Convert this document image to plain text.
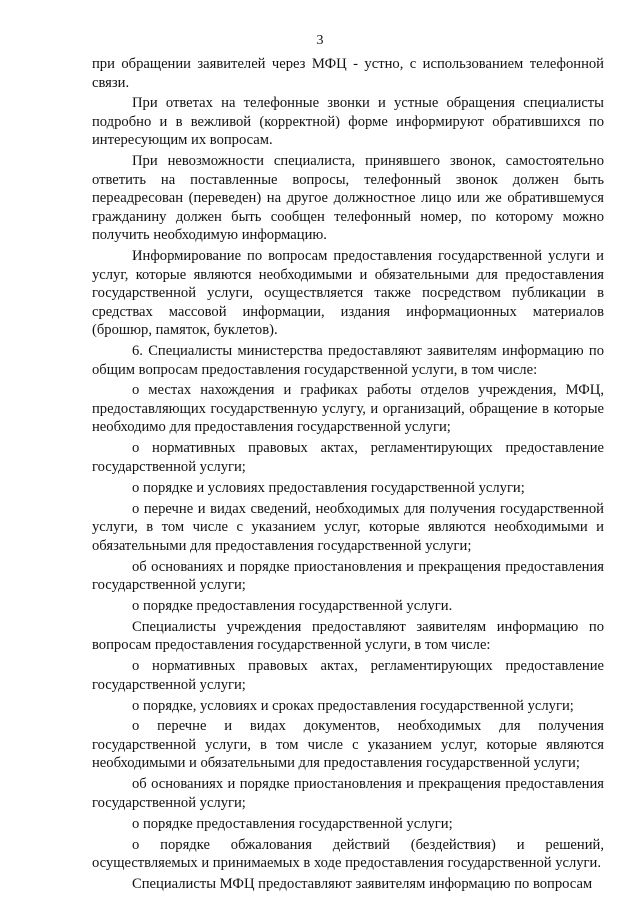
3

при обращении заявителей через МФЦ - устно, с использованием телефонной связи.

При ответах на телефонные звонки и устные обращения специалисты подробно и в вежливой (корректной) форме информируют обратившихся по интересующим их вопросам.

При невозможности специалиста, принявшего звонок, самостоятельно ответить на поставленные вопросы, телефонный звонок должен быть переадресован (переведен) на другое должностное лицо или же обратившемуся гражданину должен быть сообщен телефонный номер, по которому можно получить необходимую информацию.

Информирование по вопросам предоставления государственной услуги и услуг, которые являются необходимыми и обязательными для предоставления государственной услуги, осуществляется также посредством публикации в средствах массовой информации, издания информационных материалов (брошюр, памяток, буклетов).

6. Специалисты министерства предоставляют заявителям информацию по общим вопросам предоставления государственной услуги, в том числе:

о местах нахождения и графиках работы отделов учреждения, МФЦ, предоставляющих государственную услугу, и организаций, обращение в которые необходимо для предоставления государственной услуги;

о нормативных правовых актах, регламентирующих предоставление государственной услуги;

о порядке и условиях предоставления государственной услуги;

о перечне и видах сведений, необходимых для получения государственной услуги, в том числе с указанием услуг, которые являются необходимыми и обязательными для предоставления государственной услуги;

об основаниях и порядке приостановления и прекращения предоставления государственной услуги;

о порядке предоставления государственной услуги.

Специалисты учреждения предоставляют заявителям информацию по вопросам предоставления государственной услуги, в том числе:

о нормативных правовых актах, регламентирующих предоставление государственной услуги;

о порядке, условиях и сроках предоставления государственной услуги;

о перечне и видах документов, необходимых для получения государственной услуги, в том числе с указанием услуг, которые являются необходимыми и обязательными для предоставления государственной услуги;

об основаниях и порядке приостановления и прекращения предоставления государственной услуги;

о порядке предоставления государственной услуги;

о порядке обжалования действий (бездействия) и решений, осуществляемых и принимаемых в ходе предоставления государственной услуги.

Специалисты МФЦ предоставляют заявителям информацию по вопросам
